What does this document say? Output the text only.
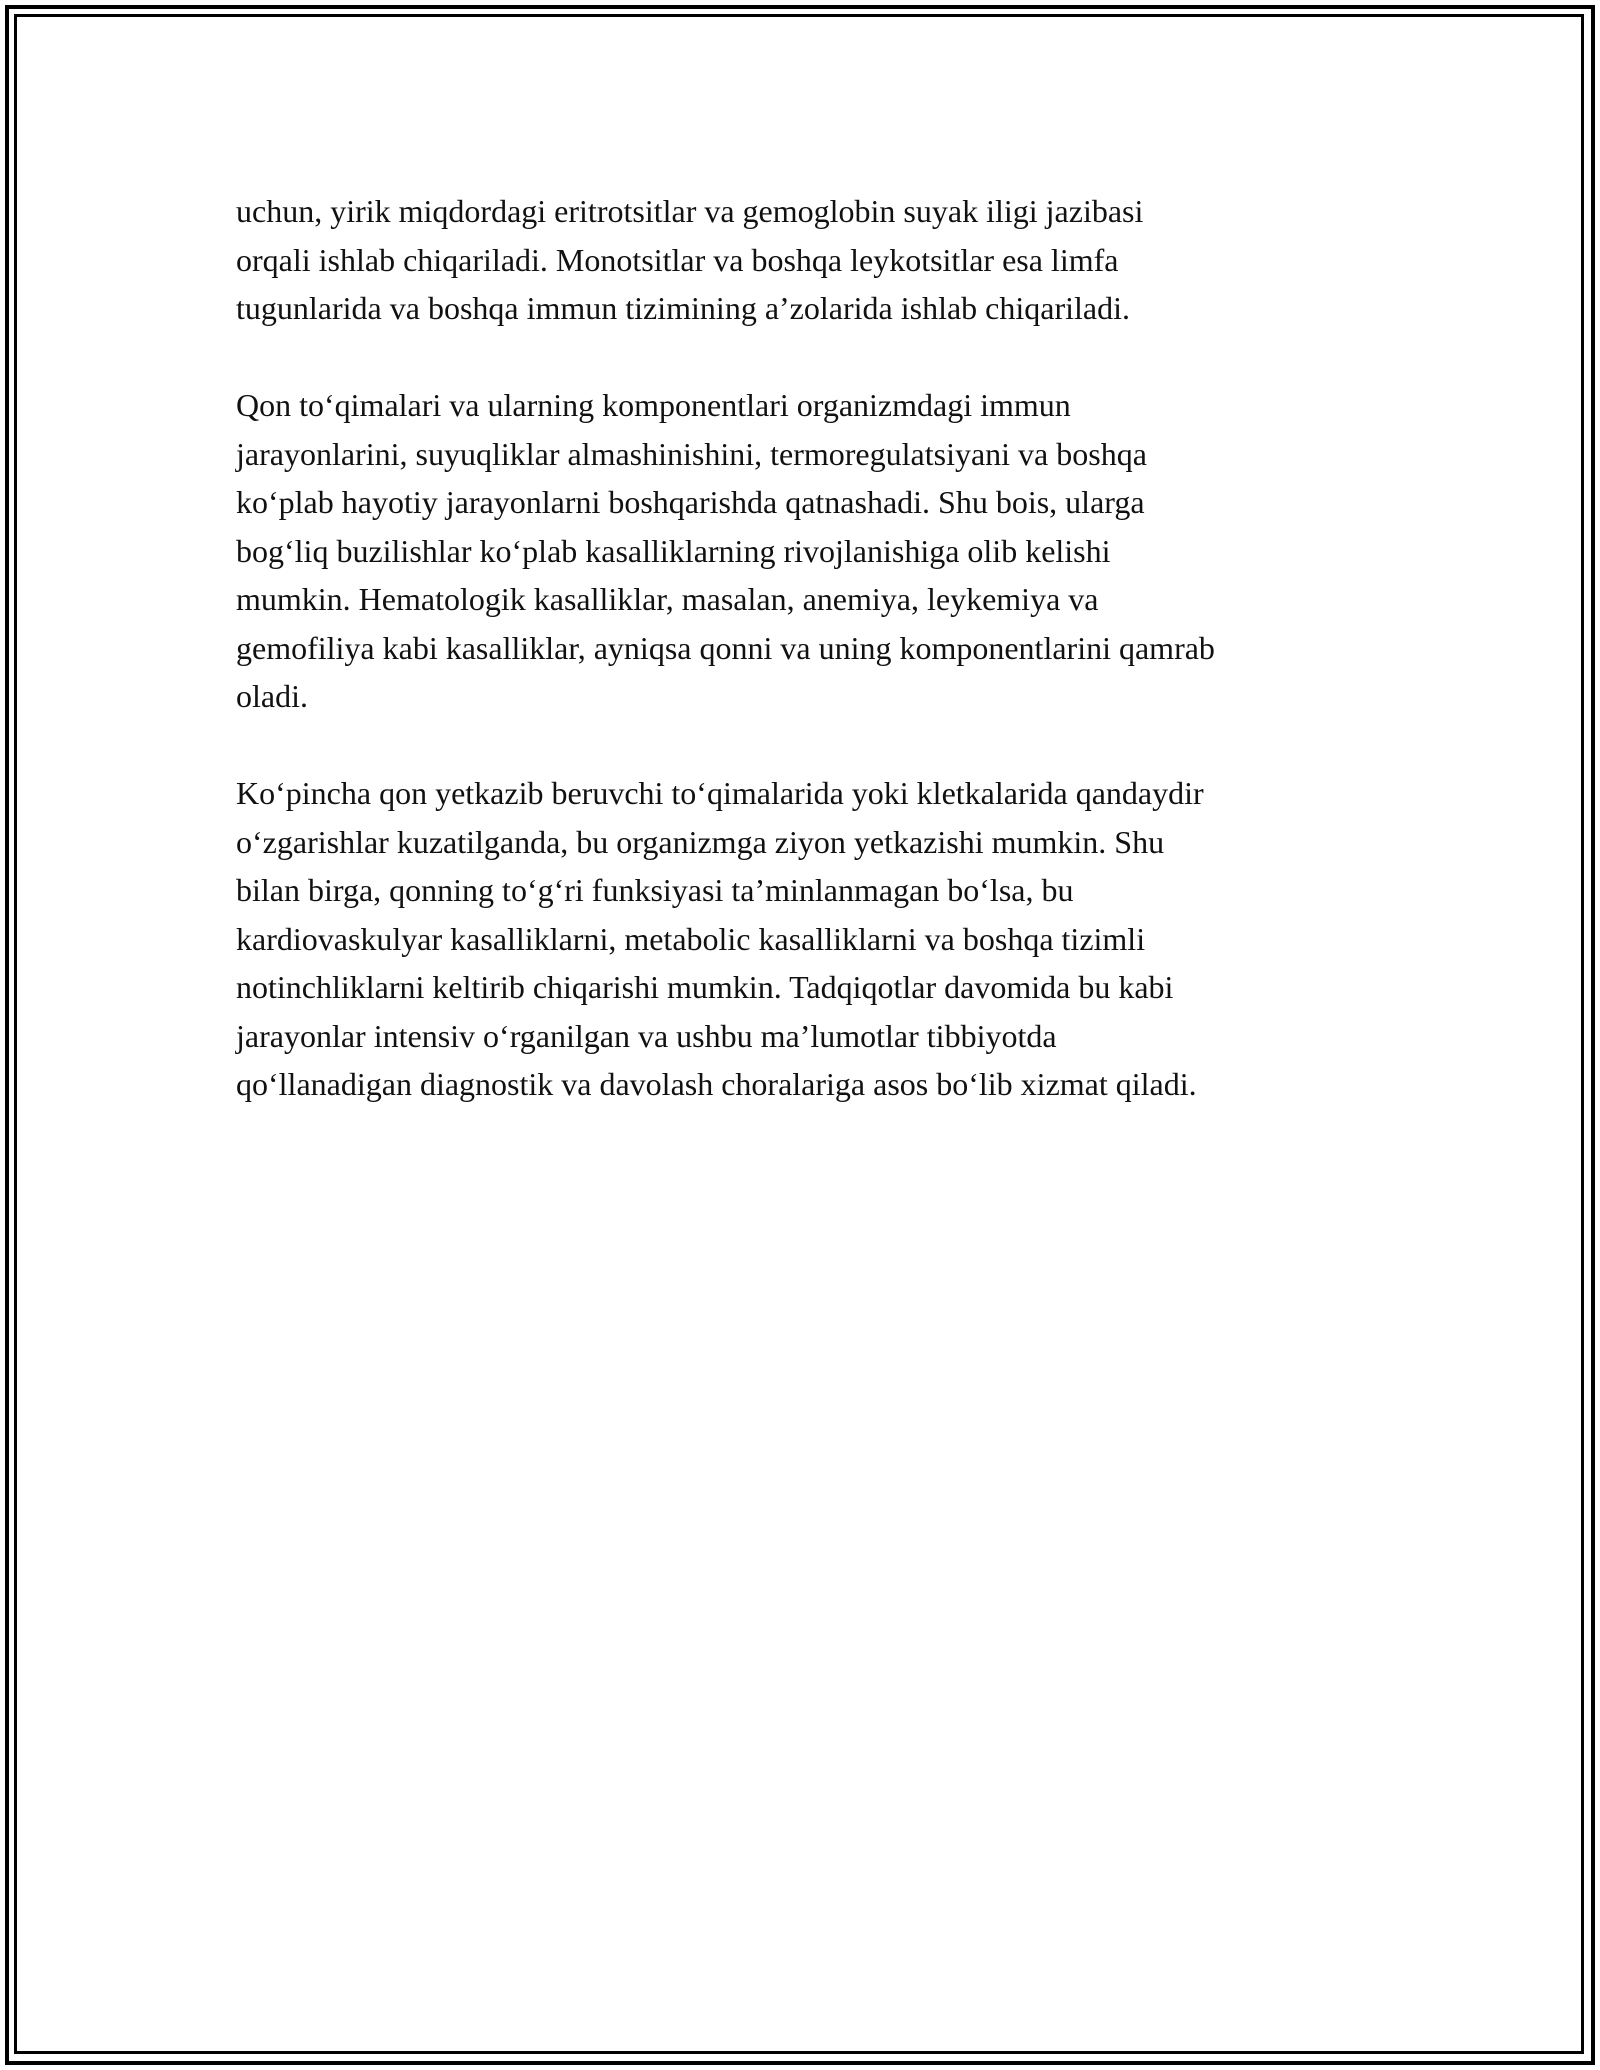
uchun, yirik miqdordagi eritrotsitlar va gemoglobin suyak iligi jazibasi
orqali ishlab chiqariladi. Monotsitlar va boshqa leykotsitlar esa limfa
tugunlarida va boshqa immun tizimining a’zolarida ishlab chiqariladi.
Qon to‘qimalari va ularning komponentlari organizmdagi immun
jarayonlarini, suyuqliklar almashinishini, termoregulatsiyani va boshqa
ko‘plab hayotiy jarayonlarni boshqarishda qatnashadi. Shu bois, ularga
bog‘liq buzilishlar ko‘plab kasalliklarning rivojlanishiga olib kelishi
mumkin. Hematologik kasalliklar, masalan, anemiya, leykemiya va
gemofiliya kabi kasalliklar, ayniqsa qonni va uning komponentlarini qamrab
oladi.
Ko‘pincha qon yetkazib beruvchi to‘qimalarida yoki kletkalarida qandaydir
o‘zgarishlar kuzatilganda, bu organizmga ziyon yetkazishi mumkin. Shu
bilan birga, qonning to‘g‘ri funksiyasi ta’minlanmagan bo‘lsa, bu
kardiovaskulyar kasalliklarni, metabolic kasalliklarni va boshqa tizimli
notinchliklarni keltirib chiqarishi mumkin. Tadqiqotlar davomida bu kabi
jarayonlar intensiv o‘rganilgan va ushbu ma’lumotlar tibbiyotda
qo‘llanadigan diagnostik va davolash choralariga asos bo‘lib xizmat qiladi.
